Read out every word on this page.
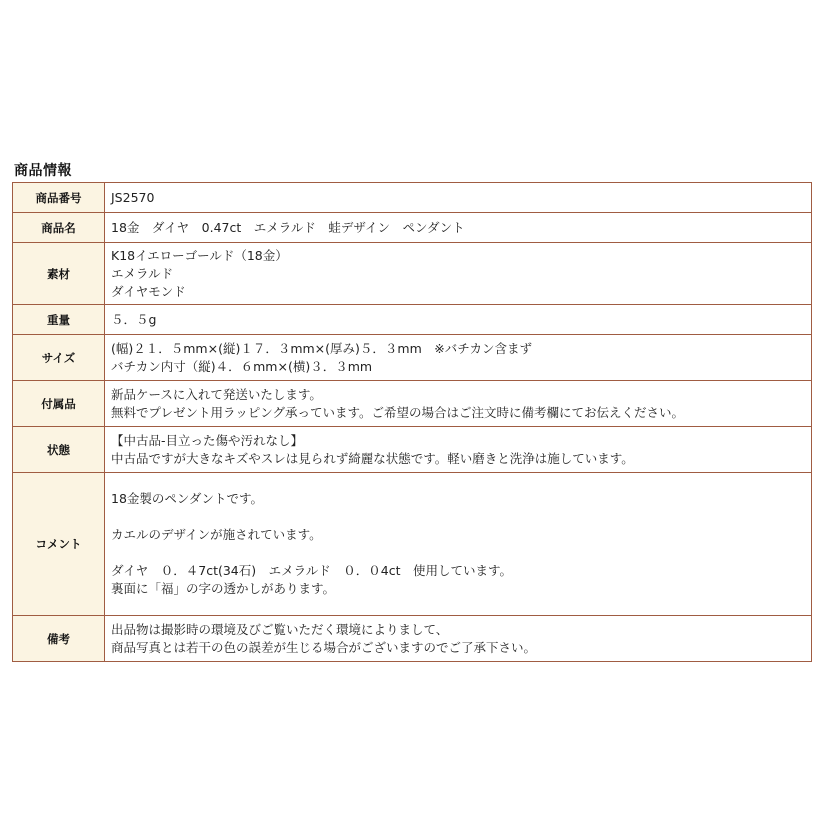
商品情報
商品番号	JS2570

商品名	18金　ダイヤ　0.47ct　エメラルド　蛙デザイン　ペンダント

素材	K18イエローゴールド（18金）
エメラルド
ダイヤモンド

重量	５．５g

サイズ	(幅)２１．５mm×(縦)１７．３mm×(厚み)５．３mm　※バチカン含まず
バチカン内寸（縦)４．６mm×(横)３．３mm

付属品	新品ケースに入れて発送いたします。
無料でプレゼント用ラッピング承っています。ご希望の場合はご注文時に備考欄にてお伝えください。

状態	【中古品-目立った傷や汚れなし】
中古品ですが大きなキズやスレは見られず綺麗な状態です。軽い磨きと洗浄は施しています。

コメント	18金製のペンダントです。
カエルのデザインが施されています。
ダイヤ　０．４7ct(34石)　エメラルド　０．０4ct　使用しています。
裏面に「福」の字の透かしがあります。

備考	出品物は撮影時の環境及びご覧いただく環境によりまして、
商品写真とは若干の色の誤差が生じる場合がございますのでご了承下さい。
